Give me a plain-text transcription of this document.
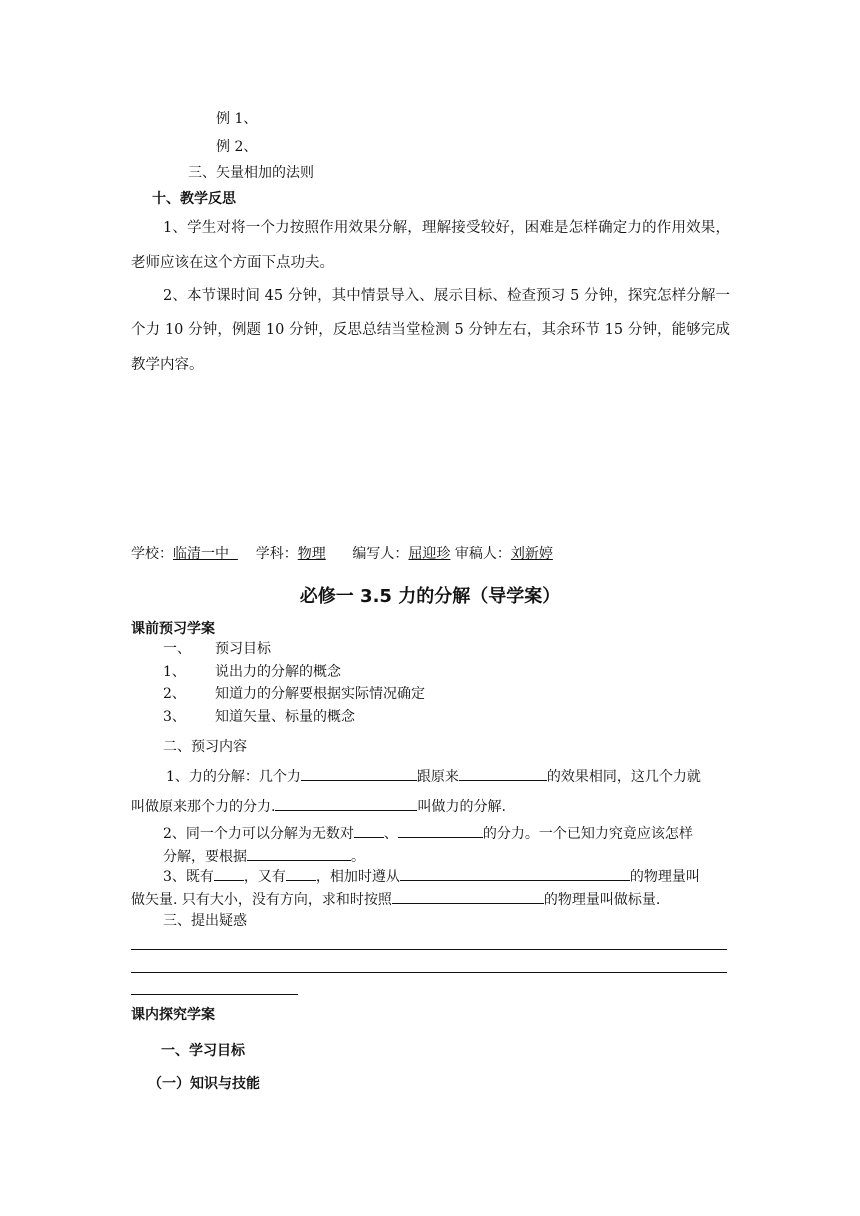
例 1、
例 2、
三、矢量相加的法则
十、教学反思
1、学生对将一个力按照作用效果分解，理解接受较好，困难是怎样确定力的作用效果，
老师应该在这个方面下点功夫。
2、本节课时间 45 分钟，其中情景导入、展示目标、检查预习 5 分钟，探究怎样分解一
个力 10 分钟，例题 10 分钟，反思总结当堂检测 5 分钟左右，其余环节 15 分钟，能够完成
教学内容。
学校：临清一中 学科：物理 编写人：屈迎珍 审稿人：刘新婷
必修一 3.5 力的分解（导学案）
课前预习学案
一、 预习目标
1、 说出力的分解的概念
2、 知道力的分解要根据实际情况确定
3、 知道矢量、标量的概念
二、预习内容
1、力的分解：几个力	跟原来	的效果相同，这几个力就
叫做原来那个力的分力.	叫做力的分解.
2、同一个力可以分解为无数对 、	的分力。一个已知力究竟应该怎样
分解，要根据	。
3、既有 ，又有 ，相加时遵从	的物理量叫
做矢量. 只有大小，没有方向，求和时按照	的物理量叫做标量.
三、提出疑惑
课内探究学案
一、学习目标
（一）知识与技能
